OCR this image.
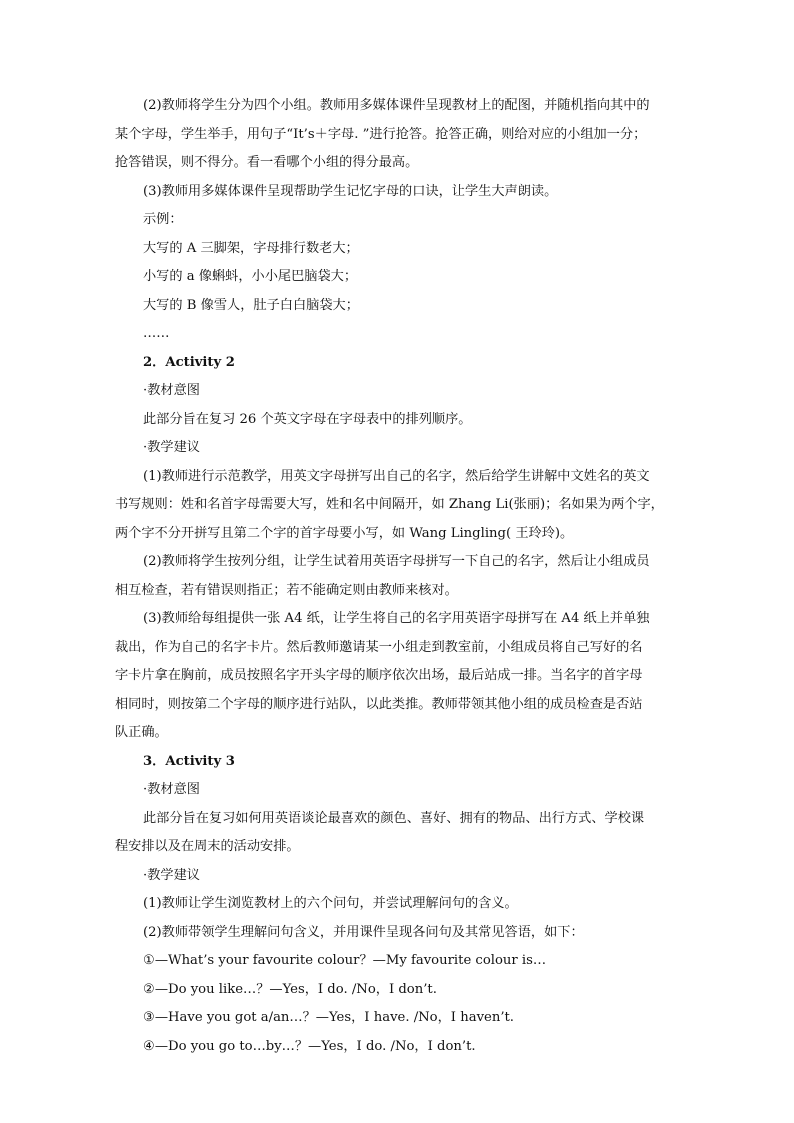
(2)教师将学生分为四个小组。教师用多媒体课件呈现教材上的配图，并随机指向其中的
某个字母，学生举手，用句子“It’s＋字母. ”进行抢答。抢答正确，则给对应的小组加一分；
抢答错误，则不得分。看一看哪个小组的得分最高。
(3)教师用多媒体课件呈现帮助学生记忆字母的口诀，让学生大声朗读。
示例：
大写的 A 三脚架，字母排行数老大；
小写的 a 像蝌蚪，小小尾巴脑袋大；
大写的 B 像雪人，肚子白白脑袋大；
……
2．Activity 2
·教材意图
此部分旨在复习 26 个英文字母在字母表中的排列顺序。
·教学建议
(1)教师进行示范教学，用英文字母拼写出自己的名字，然后给学生讲解中文姓名的英文
书写规则：姓和名首字母需要大写，姓和名中间隔开，如 Zhang Li(张丽)；名如果为两个字，
两个字不分开拼写且第二个字的首字母要小写，如 Wang Lingling( 王玲玲)。
(2)教师将学生按列分组，让学生试着用英语字母拼写一下自己的名字，然后让小组成员
相互检查，若有错误则指正；若不能确定则由教师来核对。
(3)教师给每组提供一张 A4 纸，让学生将自己的名字用英语字母拼写在 A4 纸上并单独
裁出，作为自己的名字卡片。然后教师邀请某一小组走到教室前，小组成员将自己写好的名
字卡片拿在胸前，成员按照名字开头字母的顺序依次出场，最后站成一排。当名字的首字母
相同时，则按第二个字母的顺序进行站队，以此类推。教师带领其他小组的成员检查是否站
队正确。
3．Activity 3
·教材意图
此部分旨在复习如何用英语谈论最喜欢的颜色、喜好、拥有的物品、出行方式、学校课
程安排以及在周末的活动安排。
·教学建议
(1)教师让学生浏览教材上的六个问句，并尝试理解问句的含义。
(2)教师带领学生理解问句含义，并用课件呈现各问句及其常见答语，如下：
①—What’s your favourite colour？—My favourite colour is…
②—Do you like…？—Yes，I do. /No，I don’t.
③—Have you got a/an…？—Yes，I have. /No，I haven’t.
④—Do you go to…by…？—Yes，I do. /No，I don’t.
